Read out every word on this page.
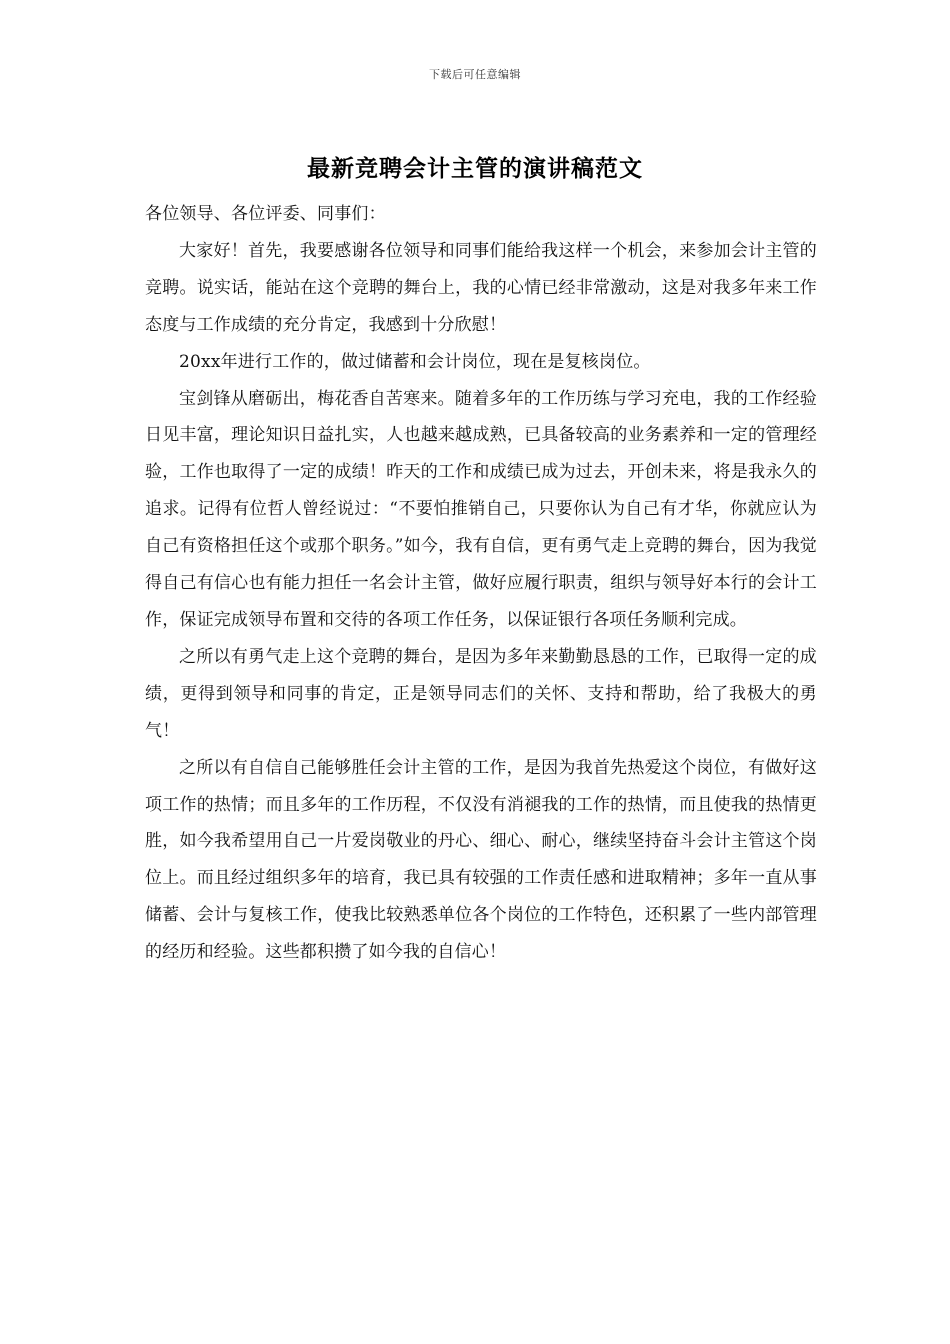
下载后可任意编辑
最新竞聘会计主管的演讲稿范文

各位领导、各位评委、同事们：

大家好！首先，我要感谢各位领导和同事们能给我这样一个机会，来参加会计主管的竞聘。说实话，能站在这个竞聘的舞台上，我的心情已经非常激动，这是对我多年来工作态度与工作成绩的充分肯定，我感到十分欣慰！

20xx年进行工作的，做过储蓄和会计岗位，现在是复核岗位。

宝剑锋从磨砺出，梅花香自苦寒来。随着多年的工作历练与学习充电，我的工作经验日见丰富，理论知识日益扎实，人也越来越成熟，已具备较高的业务素养和一定的管理经验，工作也取得了一定的成绩！昨天的工作和成绩已成为过去，开创未来，将是我永久的追求。记得有位哲人曾经说过：“不要怕推销自己，只要你认为自己有才华，你就应认为自己有资格担任这个或那个职务。”如今，我有自信，更有勇气走上竞聘的舞台，因为我觉得自己有信心也有能力担任一名会计主管，做好应履行职责，组织与领导好本行的会计工作，保证完成领导布置和交待的各项工作任务，以保证银行各项任务顺利完成。

之所以有勇气走上这个竞聘的舞台，是因为多年来勤勤恳恳的工作，已取得一定的成绩，更得到领导和同事的肯定，正是领导同志们的关怀、支持和帮助，给了我极大的勇气！

之所以有自信自己能够胜任会计主管的工作，是因为我首先热爱这个岗位，有做好这项工作的热情；而且多年的工作历程，不仅没有消褪我的工作的热情，而且使我的热情更胜，如今我希望用自己一片爱岗敬业的丹心、细心、耐心，继续坚持奋斗会计主管这个岗位上。而且经过组织多年的培育，我已具有较强的工作责任感和进取精神；多年一直从事储蓄、会计与复核工作，使我比较熟悉单位各个岗位的工作特色，还积累了一些内部管理的经历和经验。这些都积攒了如今我的自信心！
